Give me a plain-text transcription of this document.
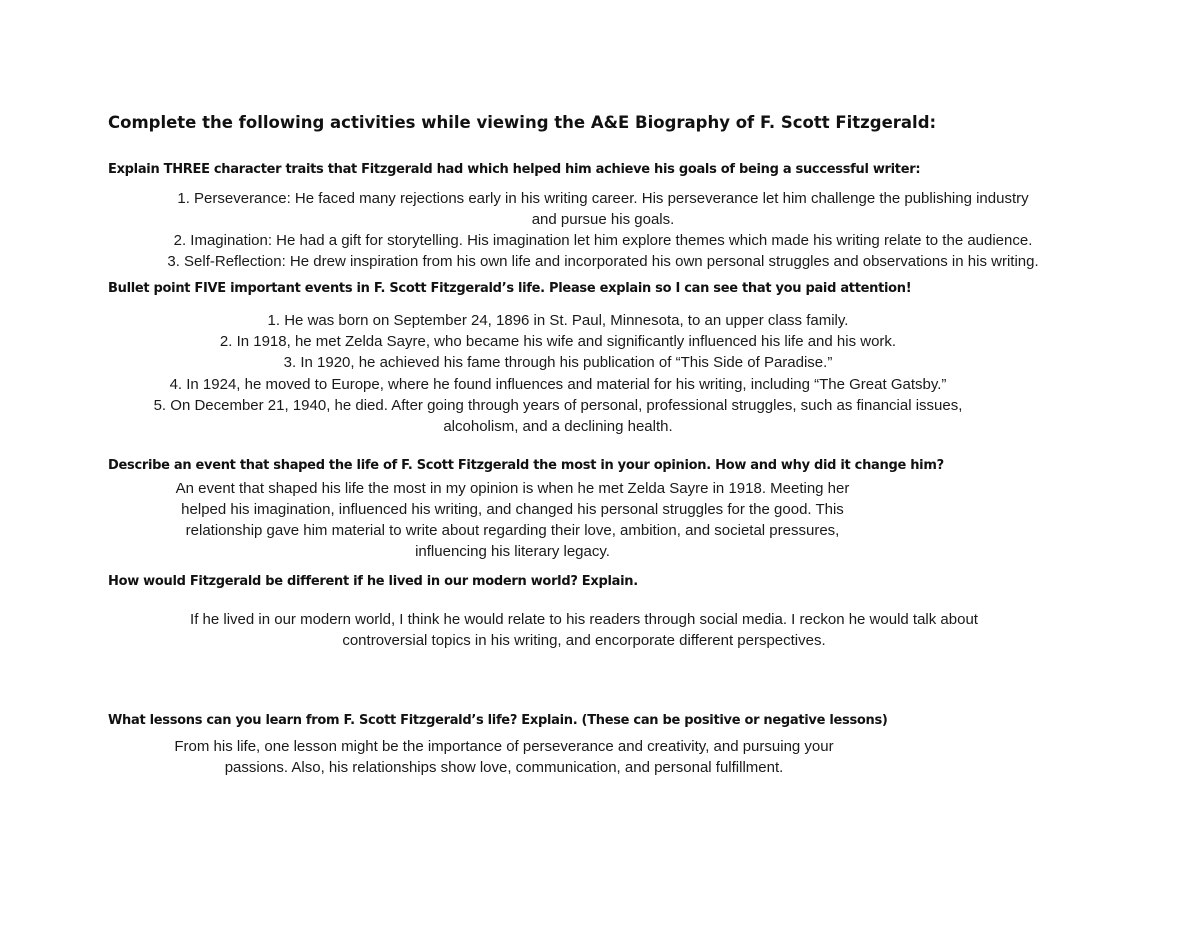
Complete the following activities while viewing the A&E Biography of F. Scott Fitzgerald:
Explain THREE character traits that Fitzgerald had which helped him achieve his goals of being a successful writer:
1. Perseverance: He faced many rejections early in his writing career. His perseverance let him challenge the publishing industry
and pursue his goals.
2. Imagination: He had a gift for storytelling. His imagination let him explore themes which made his writing relate to the audience.
3. Self-Reflection: He drew inspiration from his own life and incorporated his own personal struggles and observations in his writing.
Bullet point FIVE important events in F. Scott Fitzgerald’s life. Please explain so I can see that you paid attention!
1. He was born on September 24, 1896 in St. Paul, Minnesota, to an upper class family.
2. In 1918, he met Zelda Sayre, who became his wife and significantly influenced his life and his work.
3. In 1920, he achieved his fame through his publication of “This Side of Paradise.”
4. In 1924, he moved to Europe, where he found influences and material for his writing, including “The Great Gatsby.”
5. On December 21, 1940, he died. After going through years of personal, professional struggles, such as financial issues,
alcoholism, and a declining health.
Describe an event that shaped the life of F. Scott Fitzgerald the most in your opinion. How and why did it change him?
An event that shaped his life the most in my opinion is when he met Zelda Sayre in 1918. Meeting her
helped his imagination, influenced his writing, and changed his personal struggles for the good. This
relationship gave him material to write about regarding their love, ambition, and societal pressures,
influencing his literary legacy.
How would Fitzgerald be different if he lived in our modern world? Explain.
If he lived in our modern world, I think he would relate to his readers through social media. I reckon he would talk about
controversial topics in his writing, and encorporate different perspectives.
What lessons can you learn from F. Scott Fitzgerald’s life? Explain. (These can be positive or negative lessons)
From his life, one lesson might be the importance of perseverance and creativity, and pursuing your
passions. Also, his relationships show love, communication, and personal fulfillment.
